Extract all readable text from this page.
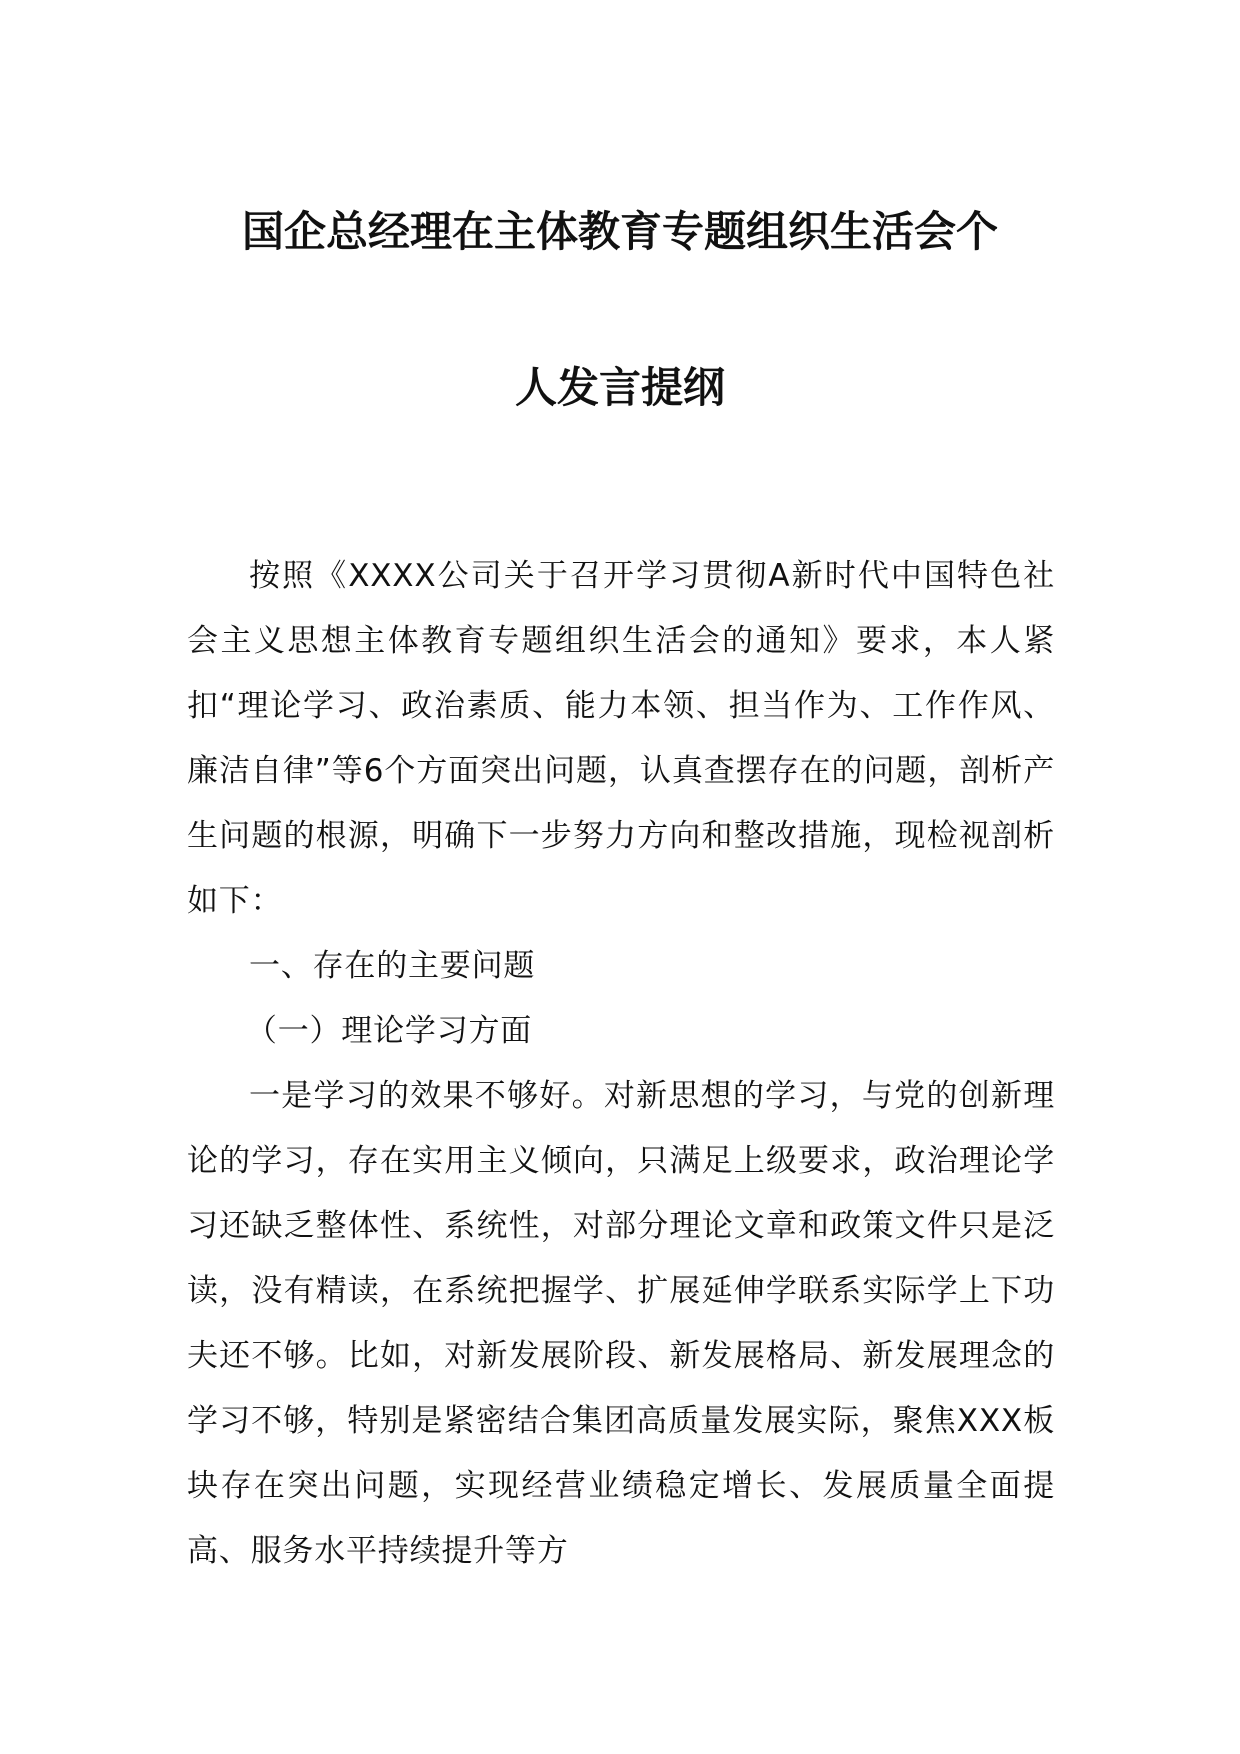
国企总经理在主体教育专题组织生活会个
人发言提纲

按照《XXXX公司关于召开学习贯彻A新时代中国特色社会主义思想主体教育专题组织生活会的通知》要求，本人紧扣“理论学习、政治素质、能力本领、担当作为、工作作风、廉洁自律”等6个方面突出问题，认真查摆存在的问题，剖析产生问题的根源，明确下一步努力方向和整改措施，现检视剖析如下：

一、存在的主要问题

（一）理论学习方面

一是学习的效果不够好。对新思想的学习，与党的创新理论的学习，存在实用主义倾向，只满足上级要求，政治理论学习还缺乏整体性、系统性，对部分理论文章和政策文件只是泛读，没有精读，在系统把握学、扩展延伸学联系实际学上下功夫还不够。比如，对新发展阶段、新发展格局、新发展理念的学习不够，特别是紧密结合集团高质量发展实际，聚焦XXX板块存在突出问题，实现经营业绩稳定增长、发展质量全面提高、服务水平持续提升等方
